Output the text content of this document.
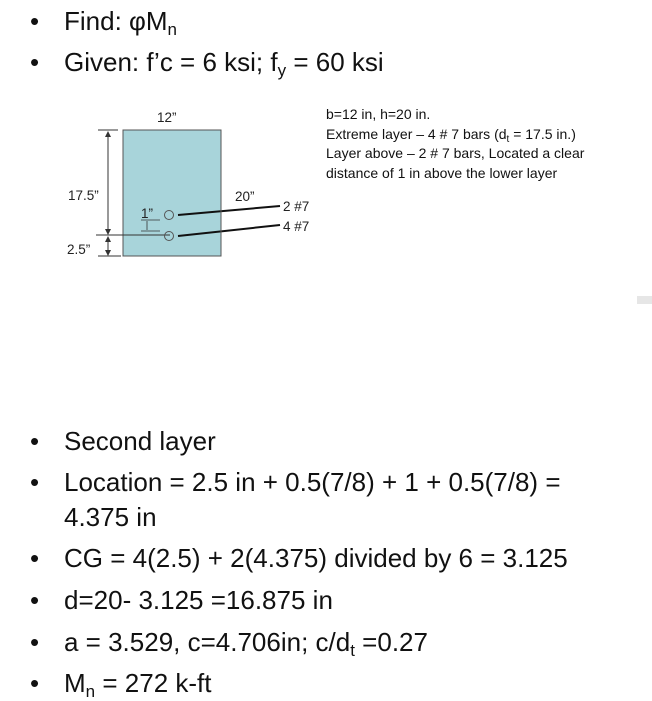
• Find: $\varphi M_n$
• Given: f’c = 6 ksi; $f_y = 60$ ksi
12”
17.5”
2.5”
1”
20”
2 #7
4 #7
b=12 in, h=20 in.
Extreme layer – 4 # 7 bars ($d_t = 17.5$ in.)
Layer above – 2 # 7 bars, Located a clear
distance of 1 in above the lower layer
• Second layer
• Location = 2.5 in + 0.5(7/8) + 1 + 0.5(7/8) =
4.375 in
• CG = 4(2.5) + 2(4.375) divided by 6 = 3.125
• d=20- 3.125 =16.875 in
• a = 3.529, c=4.706in; $c/d_t =0.27$
• $M_n = 272$ k-ft
